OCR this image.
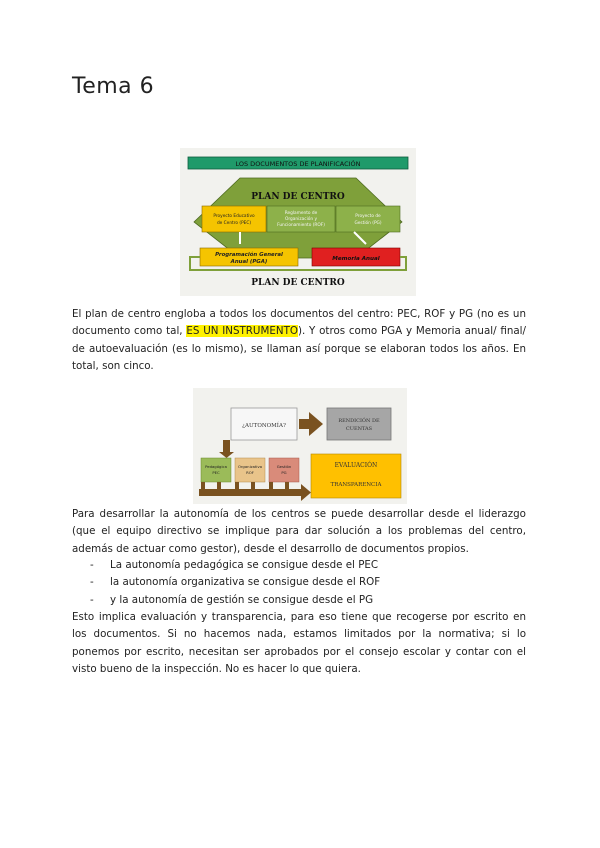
Tema 6
LOS DOCUMENTOS DE PLANIFICACIÓN
PLAN DE CENTRO
Proyecto Educativo
de Centro (PEC)
Reglamento de
Organización y
Funcionamiento (ROF)
Proyecto de
Gestión (PG)
Programación General
Anual (PGA)	Memoria Anual
PLAN DE CENTRO

El plan de centro engloba a todos los documentos del centro: PEC, ROF y PG (no es un documento como tal, ES UN INSTRUMENTO). Y otros como PGA y Memoria anual/ final/ de autoevaluación (es lo mismo), se llaman así porque se elaboran todos los años. En total, son cinco.

¿AUTONOMÍA?
RENDICIÓN DE
CUENTAS
Pedagógica
PEC
Organizativa
ROF
Gestión
PG
EVALUACIÓN
TRANSPARENCIA

Para desarrollar la autonomía de los centros se puede desarrollar desde el liderazgo (que el equipo directivo se implique para dar solución a los problemas del centro, además de actuar como gestor), desde el desarrollo de documentos propios.

- La autonomía pedagógica se consigue desde el PEC
- la autonomía organizativa se consigue desde el ROF
- y la autonomía de gestión se consigue desde el PG

Esto implica evaluación y transparencia, para eso tiene que recogerse por escrito en los documentos. Si no hacemos nada, estamos limitados por la normativa; si lo ponemos por escrito, necesitan ser aprobados por el consejo escolar y contar con el visto bueno de la inspección. No es hacer lo que quiera.
